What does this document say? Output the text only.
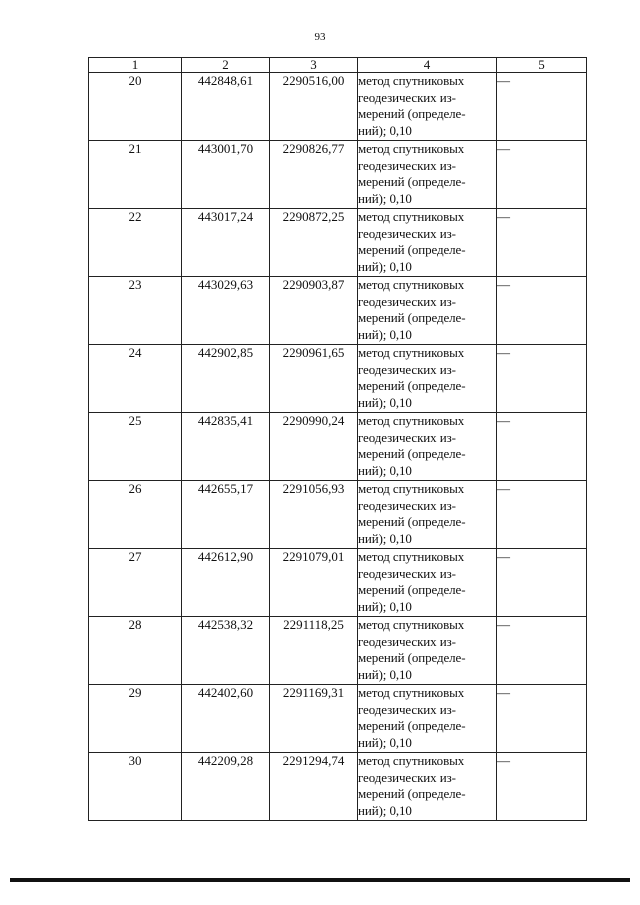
93
1	2	3	4	5
20	442848,61	2290516,00	метод спутниковых
геодезических из-
мерений (определе-
ний); 0,10	—
21	443001,70	2290826,77	метод спутниковых
геодезических из-
мерений (определе-
ний); 0,10	—
22	443017,24	2290872,25	метод спутниковых
геодезических из-
мерений (определе-
ний); 0,10	—
23	443029,63	2290903,87	метод спутниковых
геодезических из-
мерений (определе-
ний); 0,10	—
24	442902,85	2290961,65	метод спутниковых
геодезических из-
мерений (определе-
ний); 0,10	—
25	442835,41	2290990,24	метод спутниковых
геодезических из-
мерений (определе-
ний); 0,10	—
26	442655,17	2291056,93	метод спутниковых
геодезических из-
мерений (определе-
ний); 0,10	—
27	442612,90	2291079,01	метод спутниковых
геодезических из-
мерений (определе-
ний); 0,10	—
28	442538,32	2291118,25	метод спутниковых
геодезических из-
мерений (определе-
ний); 0,10	—
29	442402,60	2291169,31	метод спутниковых
геодезических из-
мерений (определе-
ний); 0,10	—
30	442209,28	2291294,74	метод спутниковых
геодезических из-
мерений (определе-
ний); 0,10	—
